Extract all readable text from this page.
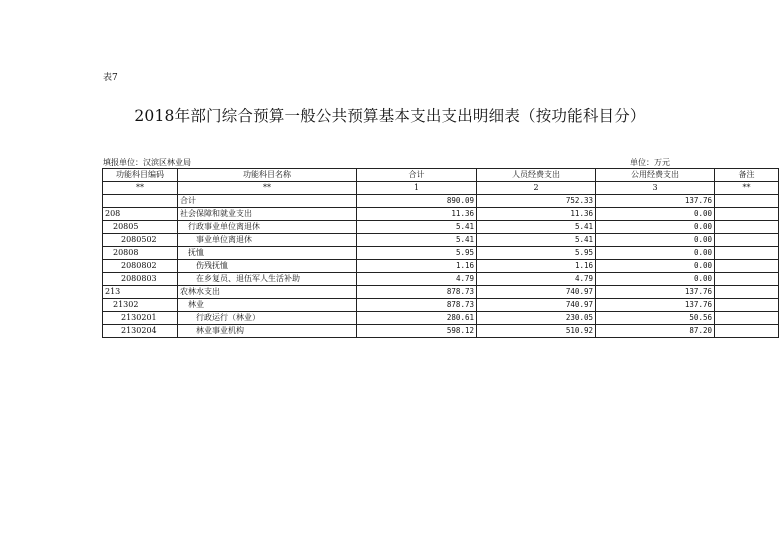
表7
2018年部门综合预算一般公共预算基本支出支出明细表（按功能科目分）
填报单位：汉滨区林业局	单位：万元
功能科目编码	功能科目名称	合计	人员经费支出	公用经费支出	备注
**	**	1	2	3	**
	合计	890.09	752.33	137.76	
208	社会保障和就业支出	11.36	11.36	0.00	
20805	行政事业单位离退休	5.41	5.41	0.00	
2080502	事业单位离退休	5.41	5.41	0.00	
20808	抚恤	5.95	5.95	0.00	
2080802	伤残抚恤	1.16	1.16	0.00	
2080803	在乡复员、退伍军人生活补助	4.79	4.79	0.00	
213	农林水支出	878.73	740.97	137.76	
21302	林业	878.73	740.97	137.76	
2130201	行政运行（林业）	280.61	230.05	50.56	
2130204	林业事业机构	598.12	510.92	87.20	
